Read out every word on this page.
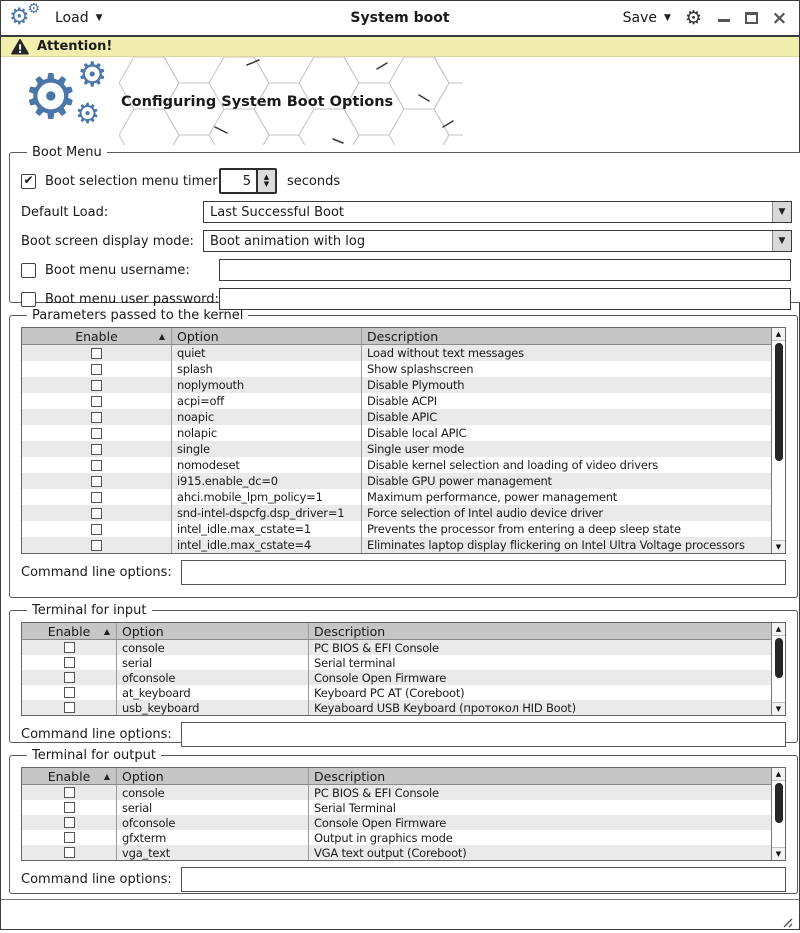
System boot
⚙
⚙
Load ▼	Save ▼ ⚙	×
Attention!
⚙
⚙
⚙ Configuring System Boot Options
Boot Menu
✔
Boot selection menu timer	5	▲
▼ seconds
Default Load:	Last Successful Boot	▼
Boot screen display mode:	Boot animation with log	▼
Boot menu username:
Boot menu user password:
Parameters passed to the kernel
Enable	▲ Option	Description
quiet	Load without text messages
splash	Show splashscreen
noplymouth	Disable Plymouth
acpi=off	Disable ACPI
noapic	Disable APIC
nolapic	Disable local APIC
single	Single user mode
nomodeset	Disable kernel selection and loading of video drivers
i915.enable_dc=0	Disable GPU power management
ahci.mobile_lpm_policy=1	Maximum performance, power management
snd-intel-dspcfg.dsp_driver=1	Force selection of Intel audio device driver
intel_idle.max_cstate=1	Prevents the processor from entering a deep sleep state
intel_idle.max_cstate=4	Eliminates laptop display flickering on Intel Ultra Voltage processors
▲
▼
Command line options:
Terminal for input
Enable ▲ Option	Description
console	PC BIOS & EFI Console
serial	Serial terminal
ofconsole	Console Open Firmware
at_keyboard	Keyboard PC AT (Coreboot)
usb_keyboard	Keyaboard USB Keyboard (протокол HID Boot)
▲
▼
Command line options:
Terminal for output
Enable ▲ Option	Description
console	PC BIOS & EFI Console
serial	Serial Terminal
ofconsole	Console Open Firmware
gfxterm	Output in graphics mode
vga_text	VGA text output (Coreboot)
▲
▼
Command line options:
